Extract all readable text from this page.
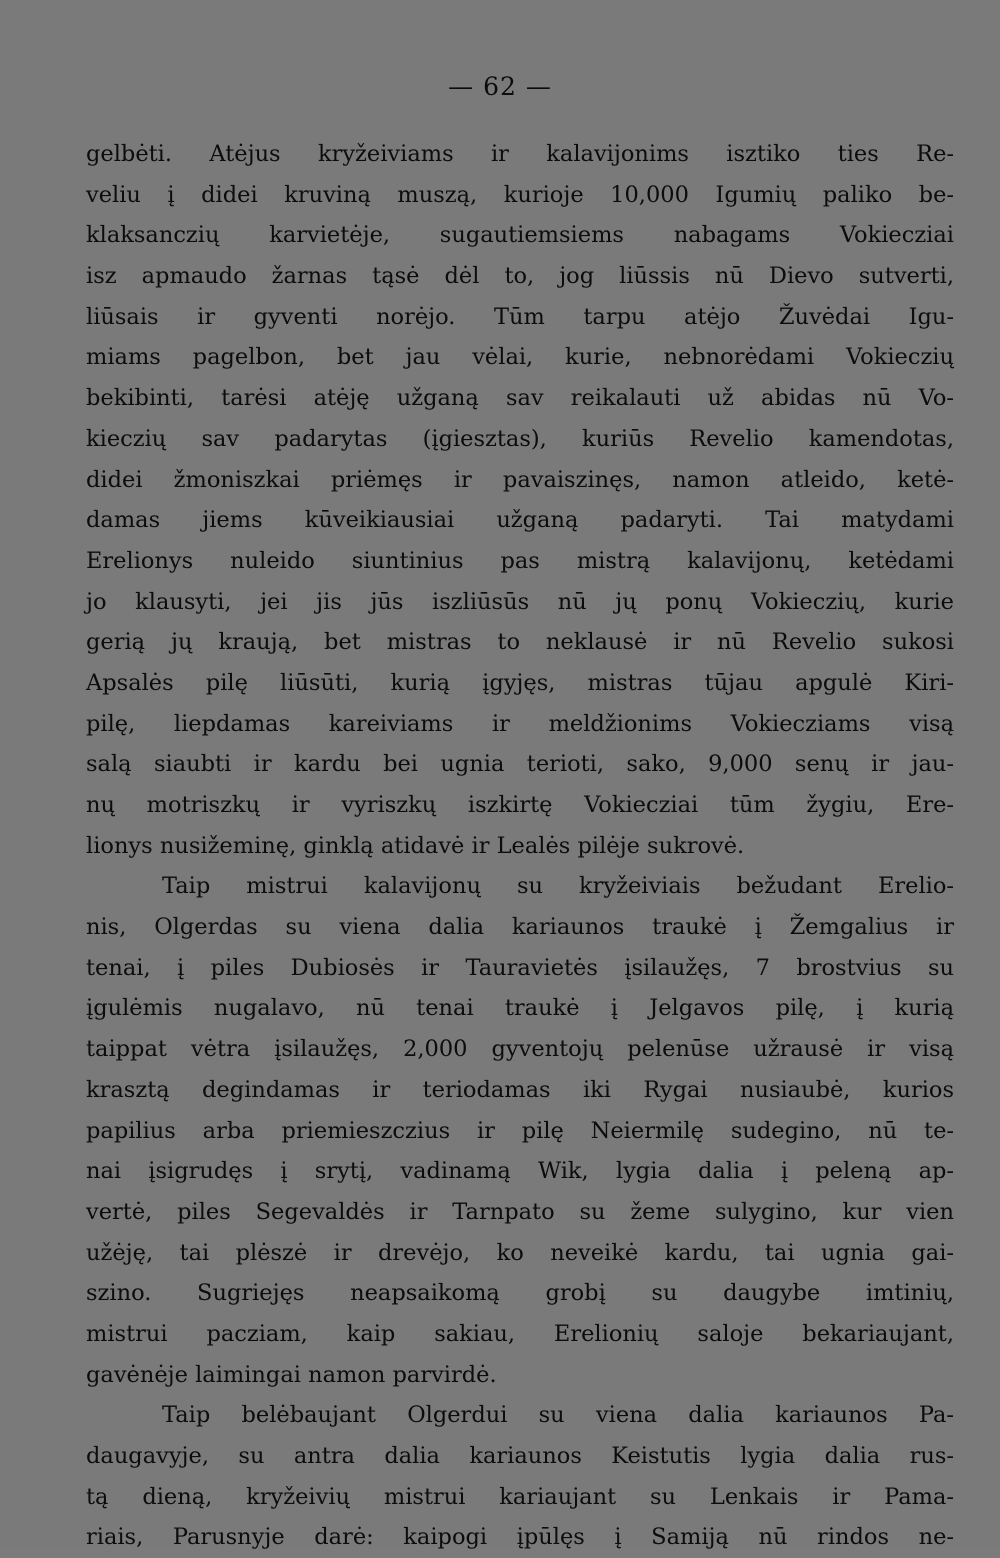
— 62 —
gelbėti. Atėjus kryžeiviams ir kalavijonims isztiko ties Re-
veliu į didei kruviną muszą, kurioje 10,000 Igumių paliko be-
klaksanczių karvietėje, sugautiemsiems nabagams Vokiecziai
isz apmaudo žarnas tąsė dėl to, jog liūssis nū Dievo sutverti,
liūsais ir gyventi norėjo. Tūm tarpu atėjo Žuvėdai Igu-
miams pagelbon, bet jau vėlai, kurie, nebnorėdami Vokieczių
bekibinti, tarėsi atėję užganą sav reikalauti už abidas nū Vo-
kieczių sav padarytas (įgiesztas), kuriūs Revelio kamendotas,
didei žmoniszkai priėmęs ir pavaiszinęs, namon atleido, ketė-
damas jiems kūveikiausiai užganą padaryti. Tai matydami
Erelionys nuleido siuntinius pas mistrą kalavijonų, ketėdami
jo klausyti, jei jis jūs iszliūsūs nū jų ponų Vokieczių, kurie
gerią jų kraują, bet mistras to neklausė ir nū Revelio sukosi
Apsalės pilę liūsūti, kurią įgyjęs, mistras tūjau apgulė Kiri-
pilę, liepdamas kareiviams ir meldžionims Vokiecziams visą
salą siaubti ir kardu bei ugnia terioti, sako, 9,000 senų ir jau-
nų motriszkų ir vyriszkų iszkirtę Vokiecziai tūm žygiu, Ere-
lionys nusižeminę, ginklą atidavė ir Lealės pilėje sukrovė.
Taip mistrui kalavijonų su kryžeiviais bežudant Erelio-
nis, Olgerdas su viena dalia kariaunos traukė į Žemgalius ir
tenai, į piles Dubiosės ir Tauravietės įsilaužęs, 7 brostvius su
įgulėmis nugalavo, nū tenai traukė į Jelgavos pilę, į kurią
taippat vėtra įsilaužęs, 2,000 gyventojų pelenūse užrausė ir visą
krasztą degindamas ir teriodamas iki Rygai nusiaubė, kurios
papilius arba priemieszczius ir pilę Neiermilę sudegino, nū te-
nai įsigrudęs į srytį, vadinamą Wik, lygia dalia į peleną ap-
vertė, piles Segevaldės ir Tarnpato su žeme sulygino, kur vien
užėję, tai plėszė ir drevėjo, ko neveikė kardu, tai ugnia gai-
szino. Sugriejęs neapsaikomą grobį su daugybe imtinių,
mistrui pacziam, kaip sakiau, Erelionių saloje bekariaujant,
gavėnėje laimingai namon parvirdė.
Taip belėbaujant Olgerdui su viena dalia kariaunos Pa-
daugavyje, su antra dalia kariaunos Keistutis lygia dalia rus-
tą dieną, kryžeivių mistrui kariaujant su Lenkais ir Pama-
riais, Parusnyje darė: kaipogi įpūlęs į Samiją nū rindos ne-
